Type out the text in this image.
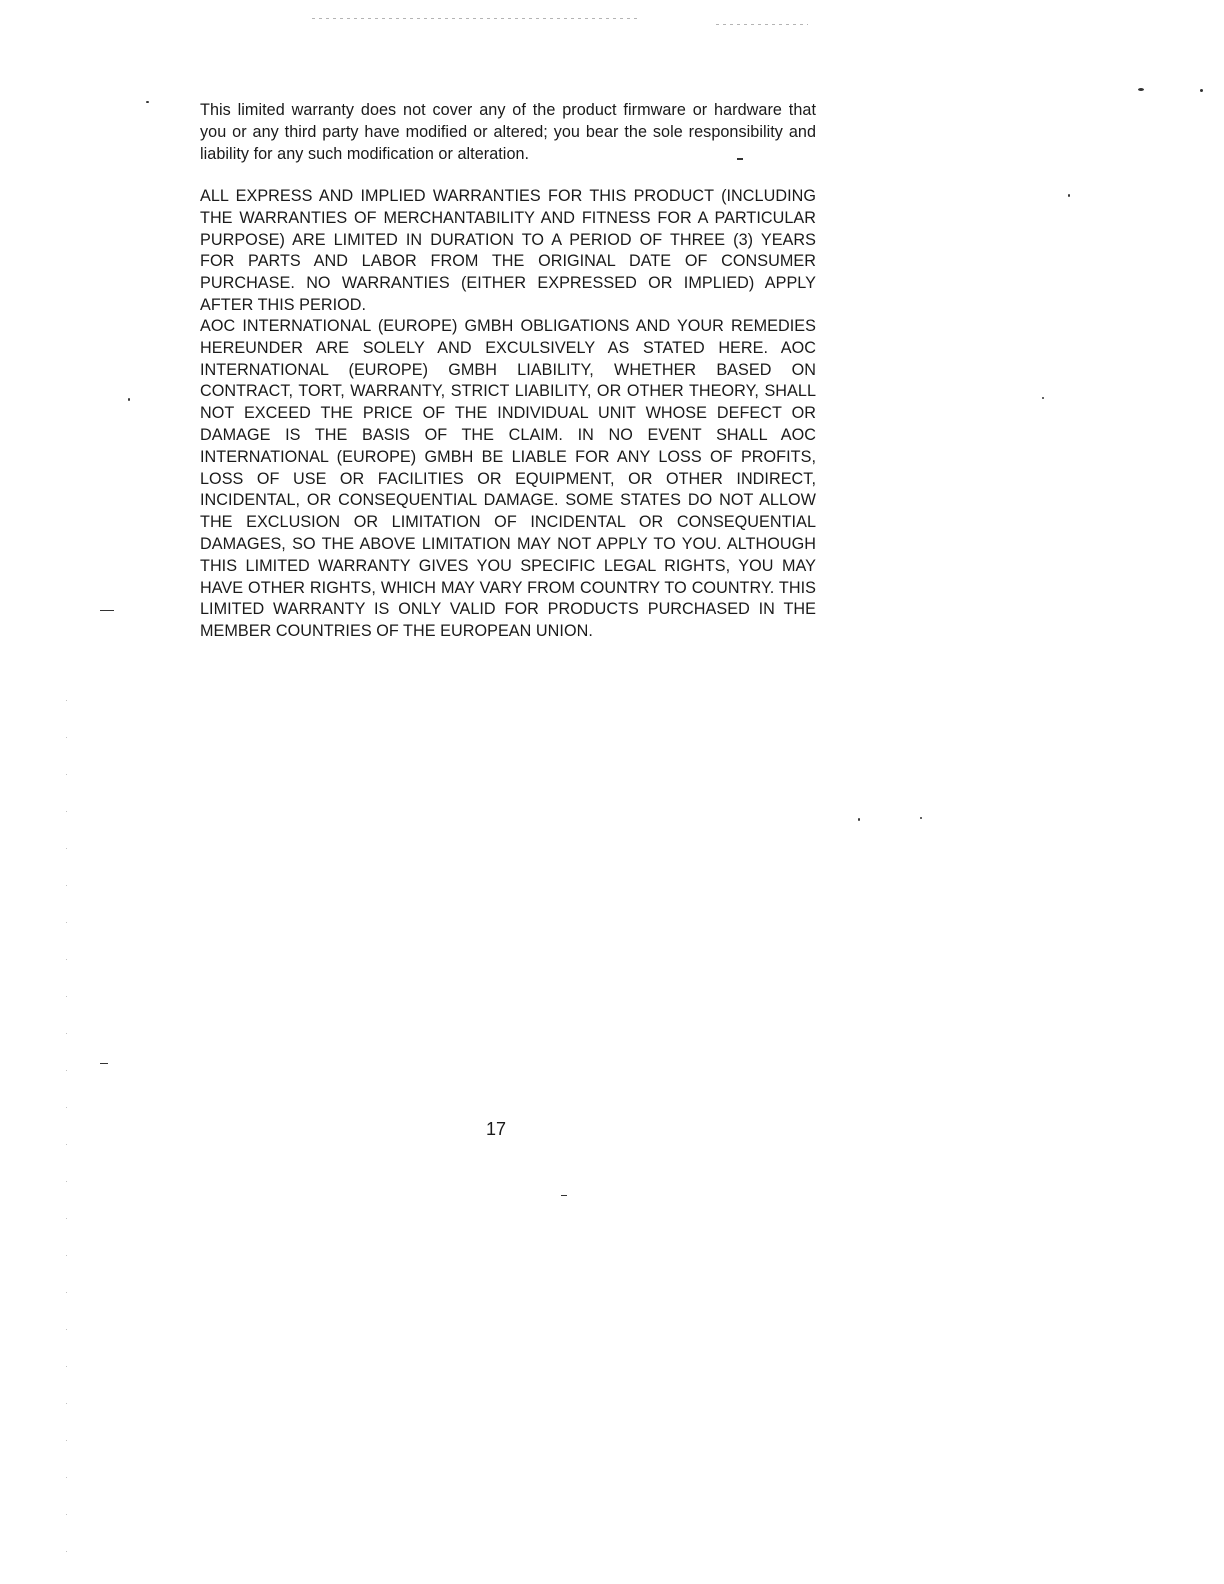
This limited warranty does not cover any of the product firmware or hardware that you or any third party have modified or altered; you bear the sole responsibility and liability for any such modification or alteration.

ALL EXPRESS AND IMPLIED WARRANTIES FOR THIS PRODUCT (INCLUDING THE WARRANTIES OF MERCHANTABILITY AND FITNESS FOR A PARTICULAR PURPOSE) ARE LIMITED IN DURATION TO A PERIOD OF THREE (3) YEARS FOR PARTS AND LABOR FROM THE ORIGINAL DATE OF CONSUMER PURCHASE. NO WARRANTIES (EITHER EXPRESSED OR IMPLIED) APPLY AFTER THIS PERIOD.

AOC INTERNATIONAL (EUROPE) GMBH OBLIGATIONS AND YOUR REMEDIES HEREUNDER ARE SOLELY AND EXCULSIVELY AS STATED HERE. AOC INTERNATIONAL (EUROPE) GMBH LIABILITY, WHETHER BASED ON CONTRACT, TORT, WARRANTY, STRICT LIABILITY, OR OTHER THEORY, SHALL NOT EXCEED THE PRICE OF THE INDIVIDUAL UNIT WHOSE DEFECT OR DAMAGE IS THE BASIS OF THE CLAIM. IN NO EVENT SHALL AOC INTERNATIONAL (EUROPE) GMBH BE LIABLE FOR ANY LOSS OF PROFITS, LOSS OF USE OR FACILITIES OR EQUIPMENT, OR OTHER INDIRECT, INCIDENTAL, OR CONSEQUENTIAL DAMAGE. SOME STATES DO NOT ALLOW THE EXCLUSION OR LIMITATION OF INCIDENTAL OR CONSEQUENTIAL DAMAGES, SO THE ABOVE LIMITATION MAY NOT APPLY TO YOU. ALTHOUGH THIS LIMITED WARRANTY GIVES YOU SPECIFIC LEGAL RIGHTS, YOU MAY HAVE OTHER RIGHTS, WHICH MAY VARY FROM COUNTRY TO COUNTRY. THIS LIMITED WARRANTY IS ONLY VALID FOR PRODUCTS PURCHASED IN THE MEMBER COUNTRIES OF THE EUROPEAN UNION.

17
